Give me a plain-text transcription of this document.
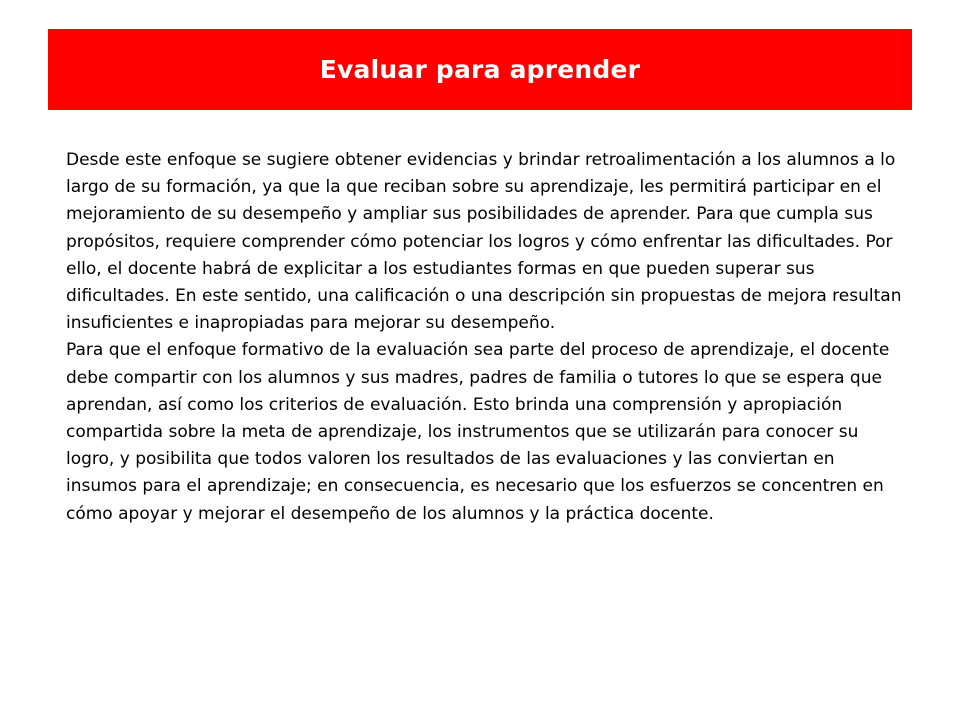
Evaluar para aprender

Desde este enfoque se sugiere obtener evidencias y brindar retroalimentación a los alumnos a lo largo de su formación, ya que la que reciban sobre su aprendizaje, les permitirá participar en el mejoramiento de su desempeño y ampliar sus posibilidades de aprender. Para que cumpla sus propósitos, requiere comprender cómo potenciar los logros y cómo enfrentar las dificultades. Por ello, el docente habrá de explicitar a los estudiantes formas en que pueden superar sus dificultades. En este sentido, una calificación o una descripción sin propuestas de mejora resultan insuficientes e inapropiadas para mejorar su desempeño.

Para que el enfoque formativo de la evaluación sea parte del proceso de aprendizaje, el docente debe compartir con los alumnos y sus madres, padres de familia o tutores lo que se espera que aprendan, así como los criterios de evaluación. Esto brinda una comprensión y apropiación compartida sobre la meta de aprendizaje, los instrumentos que se utilizarán para conocer su logro, y posibilita que todos valoren los resultados de las evaluaciones y las conviertan en insumos para el aprendizaje; en consecuencia, es necesario que los esfuerzos se concentren en cómo apoyar y mejorar el desempeño de los alumnos y la práctica docente.
